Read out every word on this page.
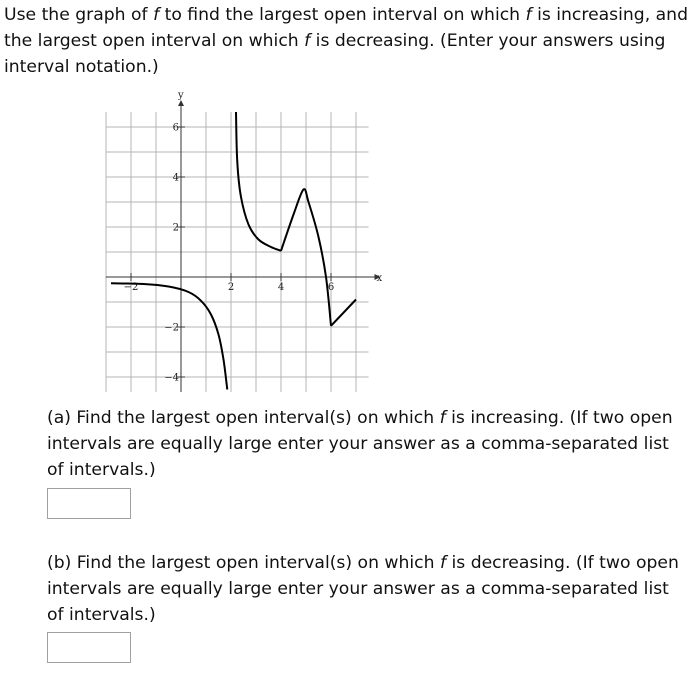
Use the graph of f to find the largest open interval on which f is increasing, and the largest open interval on which f is decreasing. (Enter your answers using interval notation.)
x
y
−2	2	4	6
6
4
2
−2
−4
(a) Find the largest open interval(s) on which f is increasing. (If two open intervals are equally large enter your answer as a comma-separated list of intervals.)
(b) Find the largest open interval(s) on which f is decreasing. (If two open intervals are equally large enter your answer as a comma-separated list of intervals.)
